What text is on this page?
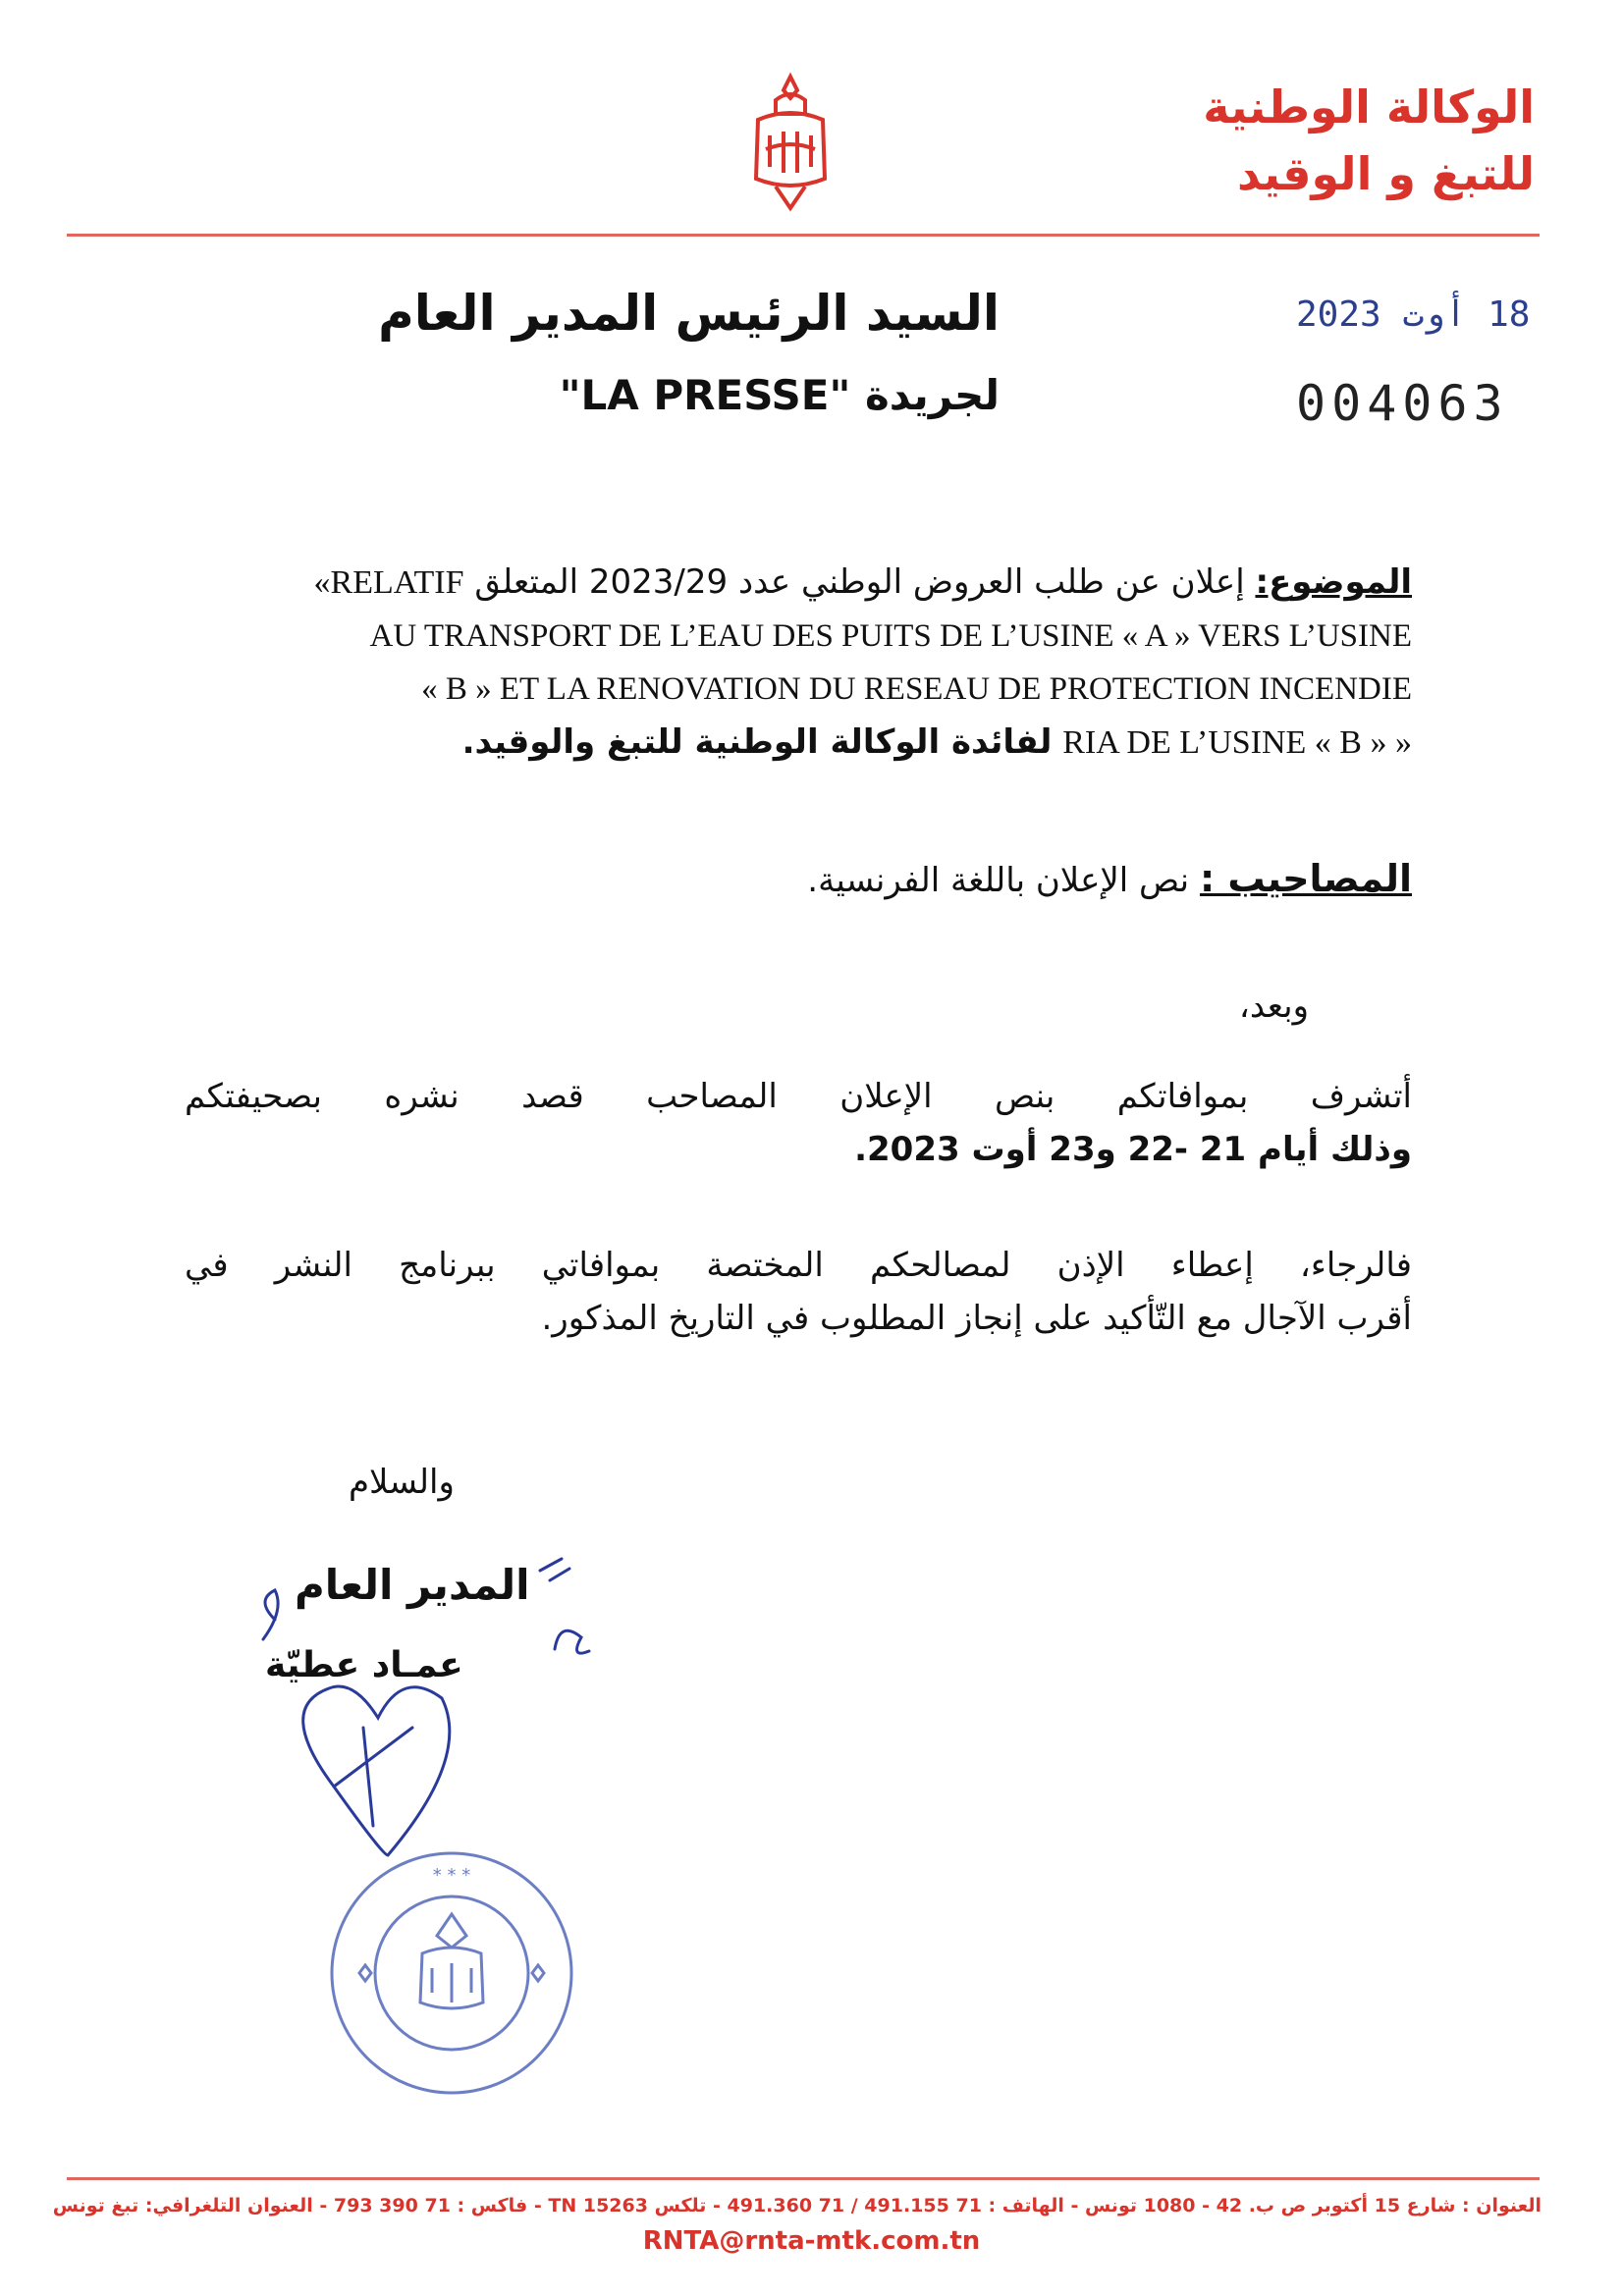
الوكالة الوطنية
للتبغ و الوقيد
السيد الرئيس المدير العام
لجريدة "LA PRESSE"
18 أوت 2023
004063
الموضوع: إعلان عن طلب العروض الوطني عدد 2023/29 المتعلق «RELATIF
AU TRANSPORT DE L’EAU DES PUITS DE L’USINE « A » VERS L’USINE
« B » ET LA RENOVATION DU RESEAU DE PROTECTION INCENDIE
RIA DE L’USINE « B » » لفائدة الوكالة الوطنية للتبغ والوقيد.
المصاحيب : نص الإعلان باللغة الفرنسية.
وبعد،
أتشرف بموافاتكم بنص الإعلان المصاحب قصد نشره بصحيفتكم
وذلك أيام 21 -22 و23 أوت 2023.
فالرجاء، إعطاء الإذن لمصالحكم المختصة بموافاتي ببرنامج النشر في
أقرب الآجال مع التّأكيد على إنجاز المطلوب في التاريخ المذكور.
والسلام
المدير العام
عمـاد عطيّة
* * *
العنوان : شارع 15 أكتوبر ص ب. 42 - 1080 تونس - الهاتف : 71 491.155 / 71 491.360 - تلكس 15263 TN - فاكس : 71 390 793 - العنوان التلغرافي: تبغ تونس
RNTA@rnta-mtk.com.tn
